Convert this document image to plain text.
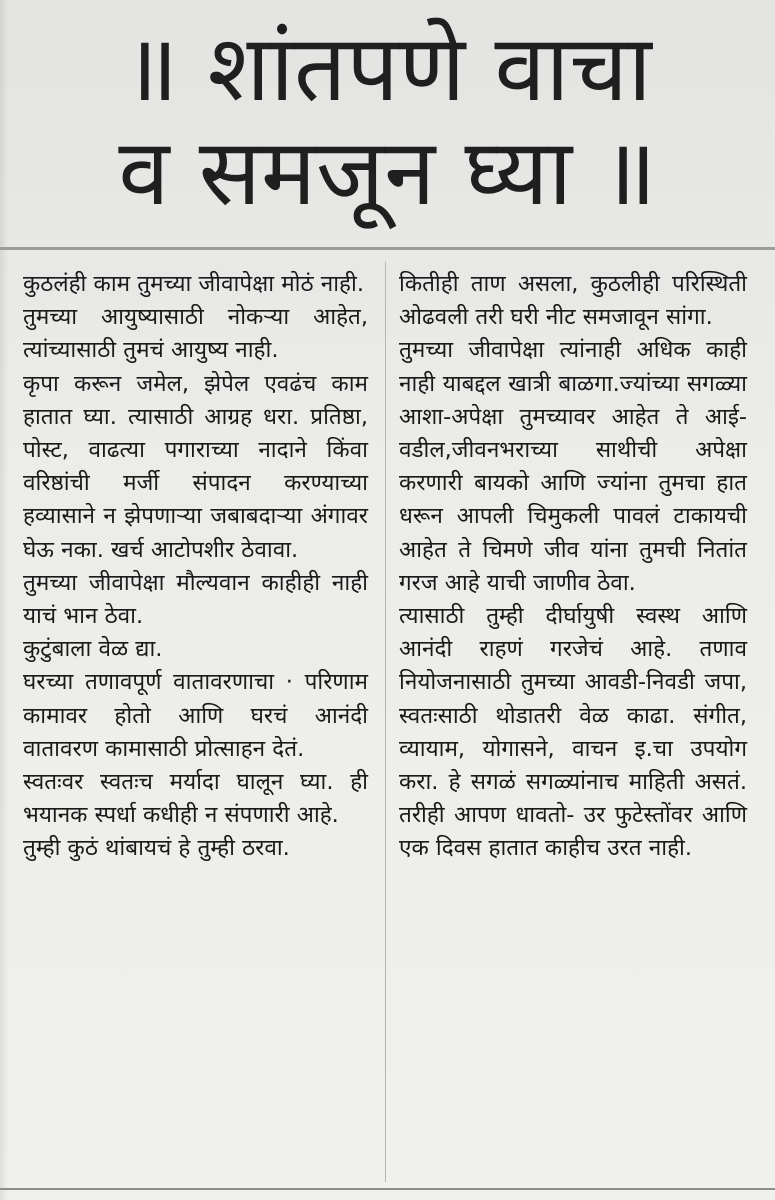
॥ शांतपणे वाचा
व समजून घ्या ॥

कुठलंही काम तुमच्या जीवापेक्षा मोठं नाही.

तुमच्या आयुष्यासाठी नोकऱ्या आहेत, त्यांच्यासाठी तुमचं आयुष्य नाही.

कृपा करून जमेल, झेपेल एवढंच काम हातात घ्या. त्यासाठी आग्रह धरा. प्रतिष्ठा, पोस्ट, वाढत्या पगाराच्या नादाने किंवा वरिष्ठांची मर्जी संपादन करण्याच्या हव्यासाने न झेपणाऱ्या जबाबदाऱ्या अंगावर घेऊ नका. खर्च आटोपशीर ठेवावा.

तुमच्या जीवापेक्षा मौल्यवान काहीही नाही याचं भान ठेवा.

कुटुंबाला वेळ द्या.

घरच्या तणावपूर्ण वातावरणाचा · परिणाम कामावर होतो आणि घरचं आनंदी वातावरण कामासाठी प्रोत्साहन देतं.

स्वतःवर स्वतःच मर्यादा घालून घ्या. ही भयानक स्पर्धा कधीही न संपणारी आहे.

तुम्ही कुठं थांबायचं हे तुम्ही ठरवा.

कितीही ताण असला, कुठलीही परिस्थिती ओढवली तरी घरी नीट समजावून सांगा.

तुमच्या जीवापेक्षा त्यांनाही अधिक काही नाही याबद्दल खात्री बाळगा.ज्यांच्या सगळ्या आशा-अपेक्षा तुमच्यावर आहेत ते आई-वडील,जीवनभराच्या साथीची अपेक्षा करणारी बायको आणि ज्यांना तुमचा हात धरून आपली चिमुकली पावलं टाकायची आहेत ते चिमणे जीव यांना तुमची नितांत गरज आहे याची जाणीव ठेवा.

त्यासाठी तुम्ही दीर्घायुषी स्वस्थ आणि आनंदी राहणं गरजेचं आहे. तणाव नियोजनासाठी तुमच्या आवडी-निवडी जपा, स्वतःसाठी थोडातरी वेळ काढा. संगीत, व्यायाम, योगासने, वाचन इ.चा उपयोग करा. हे सगळं सगळ्यांनाच माहिती असतं. तरीही आपण धावतो- उर फुटेस्तोंवर आणि एक दिवस हातात काहीच उरत नाही.
